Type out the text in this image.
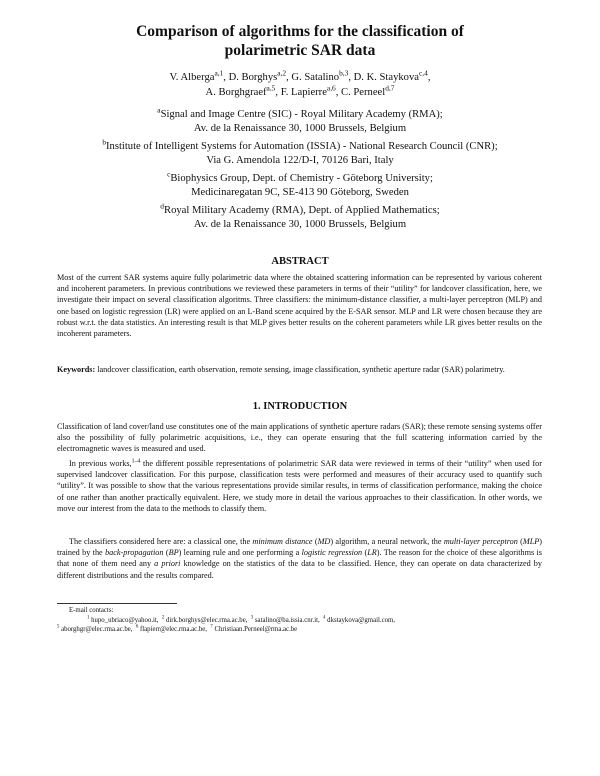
Comparison of algorithms for the classification of
polarimetric SAR data
V. Alberga$^{a,1}$, D. Borghys$^{a,2}$, G. Satalino$^{b,3}$, D. K. Staykova$^{c,4}$,
A. Borghgraef$^{a,5}$, F. Lapierre$^{a,6}$, C. Perneel$^{d,7}$
$^a$Signal and Image Centre (SIC) - Royal Military Academy (RMA);
Av. de la Renaissance 30, 1000 Brussels, Belgium
$^b$Institute of Intelligent Systems for Automation (ISSIA) - National Research Council (CNR);
Via G. Amendola 122/D-I, 70126 Bari, Italy
$^c$Biophysics Group, Dept. of Chemistry - Göteborg University;
Medicinaregatan 9C, SE-413 90 Göteborg, Sweden
$^d$Royal Military Academy (RMA), Dept. of Applied Mathematics;
Av. de la Renaissance 30, 1000 Brussels, Belgium
ABSTRACT

Most of the current SAR systems aquire fully polarimetric data where the obtained scattering information can be represented by various coherent and incoherent parameters. In previous contributions we reviewed these parameters in terms of their “utility” for landcover classification, here, we investigate their impact on several classification algoritms. Three classifiers: the minimum-distance classifier, a multi-layer perceptron (MLP) and one based on logistic regression (LR) were applied on an L-Band scene acquired by the E-SAR sensor. MLP and LR were chosen because they are robust w.r.t. the data statistics. An interesting result is that MLP gives better results on the coherent parameters while LR gives better results on the incoherent parameters.

Keywords: landcover classification, earth observation, remote sensing, image classification, synthetic aperture radar (SAR) polarimetry.

1. INTRODUCTION

Classification of land cover/land use constitutes one of the main applications of synthetic aperture radars (SAR); these remote sensing systems offer also the possibility of fully polarimetric acquisitions, i.e., they can operate ensuring that the full scattering information carried by the electromagnetic waves is measured and used.

In previous works,$^{1-4}$ the different possible representations of polarimetric SAR data were reviewed in terms of their “utility” when used for supervised landcover classification. For this purpose, classification tests were performed and measures of their accuracy used to quantify such “utility”. It was possible to show that the various representations provide similar results, in terms of classification performance, making the choice of one rather than another practically equivalent. Here, we study more in detail the various approaches to their classification. In other words, we move our interest from the data to the methods to classify them.

The classifiers considered here are: a classical one, the minimum distance (MD) algorithm, a neural network, the multi-layer perceptron (MLP) trained by the back-propagation (BP) learning rule and one performing a logistic regression (LR). The reason for the choice of these algorithms is that none of them need any a priori knowledge on the statistics of the data to be classified. Hence, they can operate on data characterized by different distributions and the results compared.

E-mail contacts:
$^1$ hupo_ubriaco@yahoo.it, $^2$ dirk.borghys@elec.rma.ac.be, $^3$ satalino@ba.issia.cnr.it, $^4$ dkstaykova@gmail.com,
$^5$ aborghgr@elec.rma.ac.be, $^6$ flapierr@elec.rma.ac.be, $^7$ Christiaan.Perneel@rma.ac.be
